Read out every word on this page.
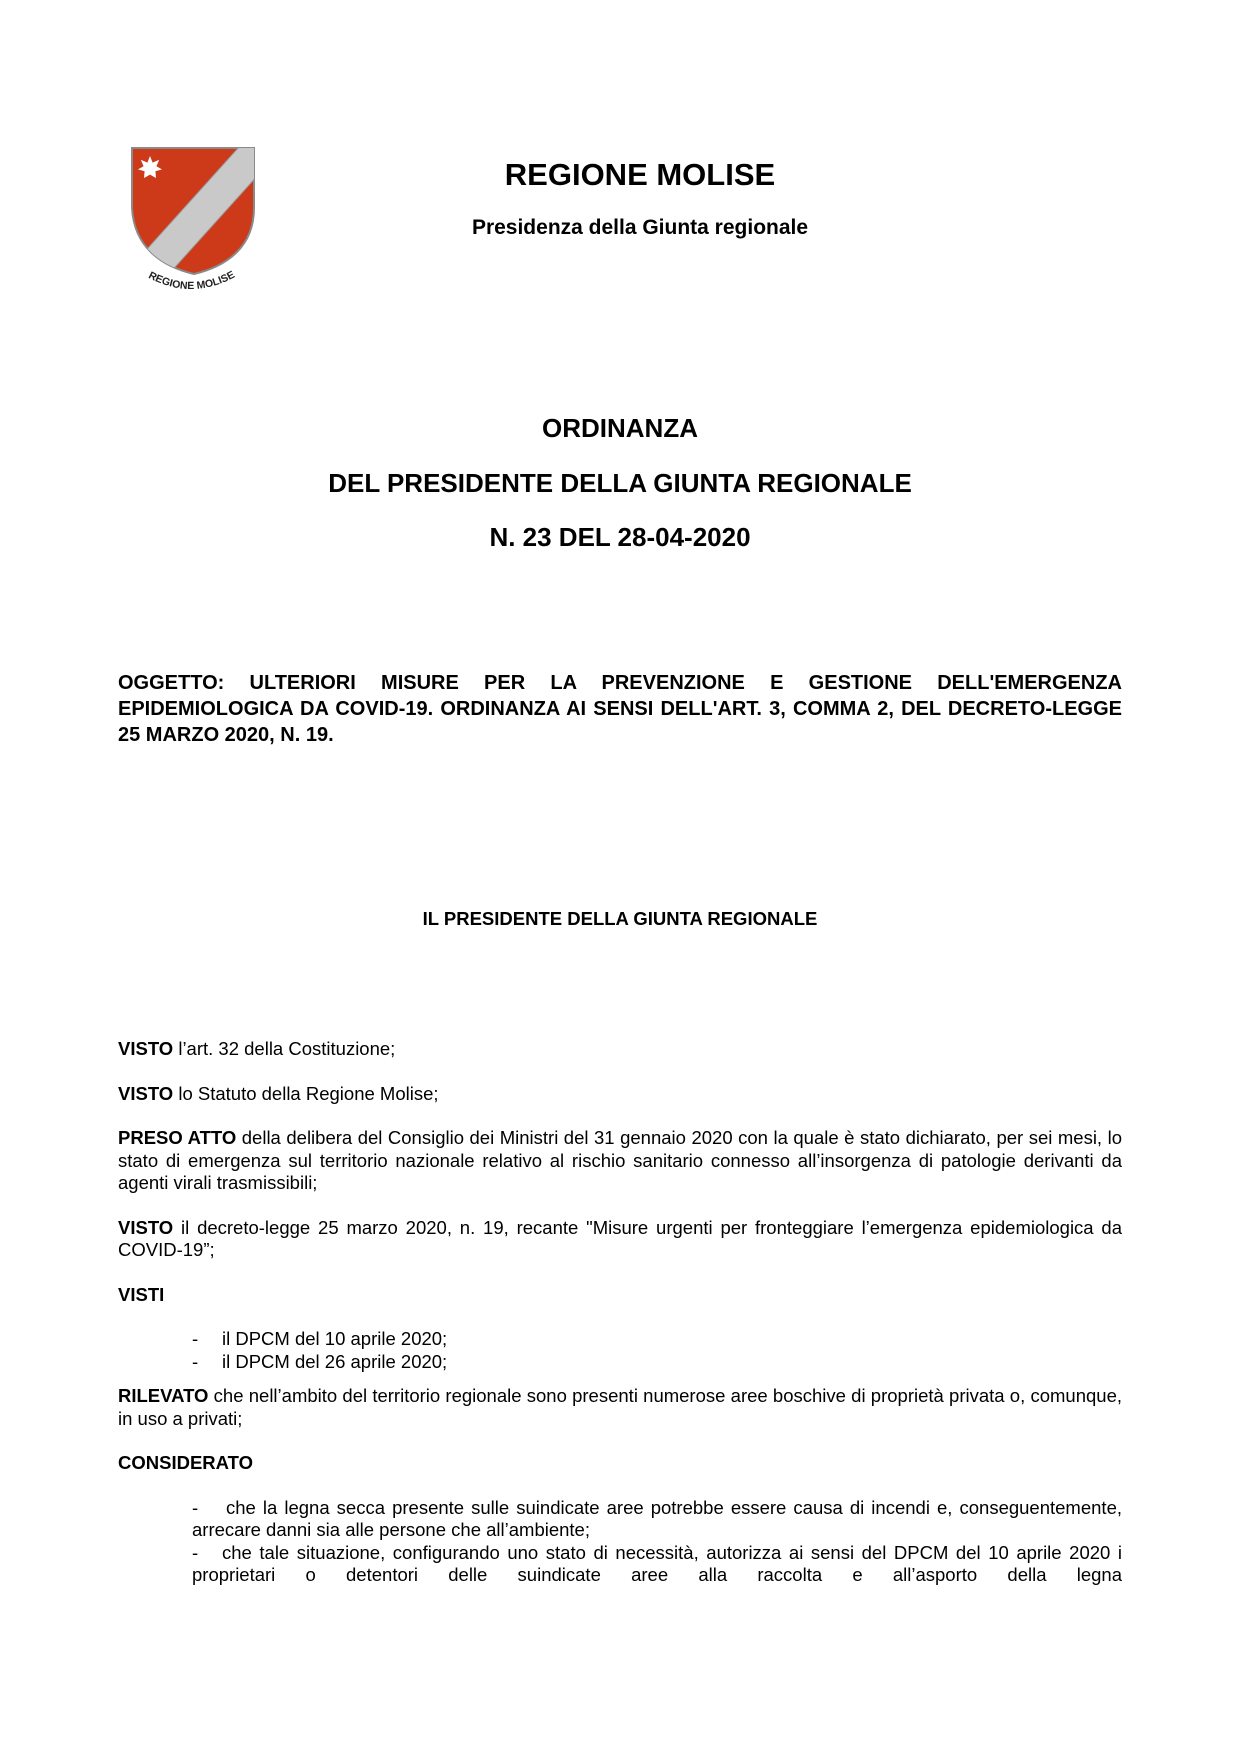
REGIONE MOLISE
REGIONE MOLISE
Presidenza della Giunta regionale
ORDINANZA
DEL PRESIDENTE DELLA GIUNTA REGIONALE
N. 23 DEL 28-04-2020
OGGETTO: ULTERIORI MISURE PER LA PREVENZIONE E GESTIONE DELL'EMERGENZA EPIDEMIOLOGICA DA COVID-19. ORDINANZA AI SENSI DELL'ART. 3, COMMA 2, DEL DECRETO-LEGGE 25 MARZO 2020, N. 19.
IL PRESIDENTE DELLA GIUNTA REGIONALE

VISTO l’art. 32 della Costituzione;

VISTO lo Statuto della Regione Molise;

PRESO ATTO della delibera del Consiglio dei Ministri del 31 gennaio 2020 con la quale è stato dichiarato, per sei mesi, lo stato di emergenza sul territorio nazionale relativo al rischio sanitario connesso all’insorgenza di patologie derivanti da agenti virali trasmissibili;

VISTO il decreto-legge 25 marzo 2020, n. 19, recante "Misure urgenti per fronteggiare l’emergenza epidemiologica da COVID-19”;

VISTI

- il DPCM del 10 aprile 2020;
- il DPCM del 26 aprile 2020;

RILEVATO che nell’ambito del territorio regionale sono presenti numerose aree boschive di proprietà privata o, comunque, in uso a privati;

CONSIDERATO

- che la legna secca presente sulle suindicate aree potrebbe essere causa di incendi e, conseguentemente, arrecare danni sia alle persone che all’ambiente;
- che tale situazione, configurando uno stato di necessità, autorizza ai sensi del DPCM del 10 aprile 2020 i proprietari o detentori delle suindicate aree alla raccolta e all’asporto della legna
